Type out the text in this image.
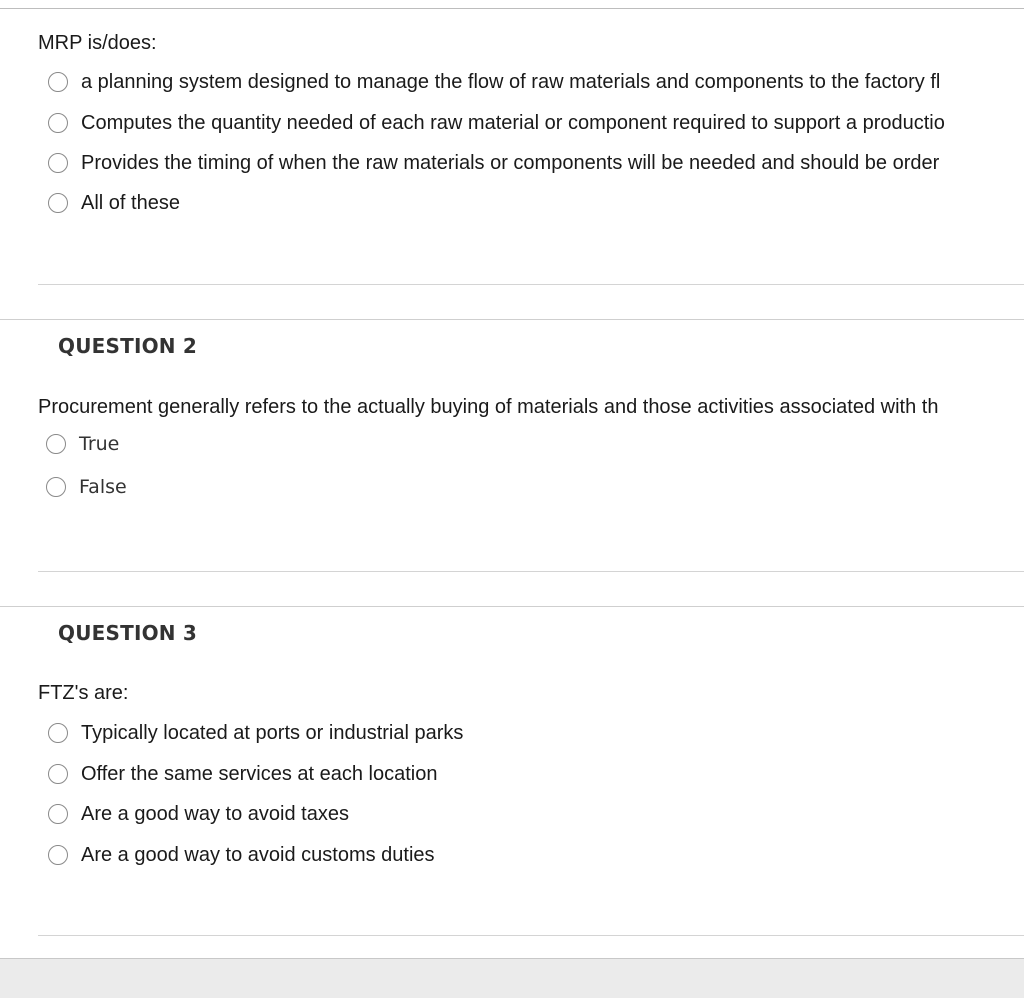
MRP is/does:
a planning system designed to manage the flow of raw materials and components to the factory fl
Computes the quantity needed of each raw material or component required to support a productio
Provides the timing of when the raw materials or components will be needed and should be order
All of these
QUESTION 2
Procurement generally refers to the actually buying of materials and those activities associated with th
True
False
QUESTION 3
FTZ's are:
Typically located at ports or industrial parks
Offer the same services at each location
Are a good way to avoid taxes
Are a good way to avoid customs duties
